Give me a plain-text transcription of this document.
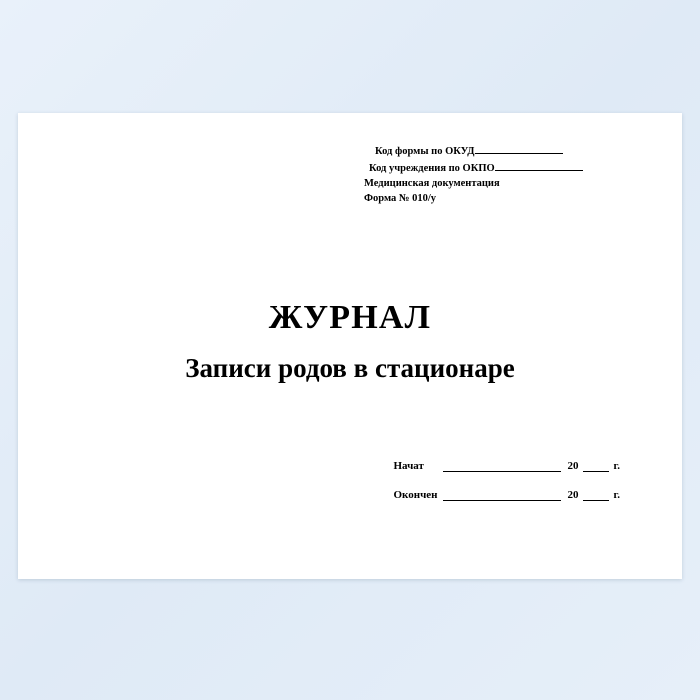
Код формы по ОКУД
Код учреждения по ОКПО
Медицинская документация
Форма № 010/у
ЖУРНАЛ
Записи родов в стационаре
Начат	20	г.
Окончен	20	г.
